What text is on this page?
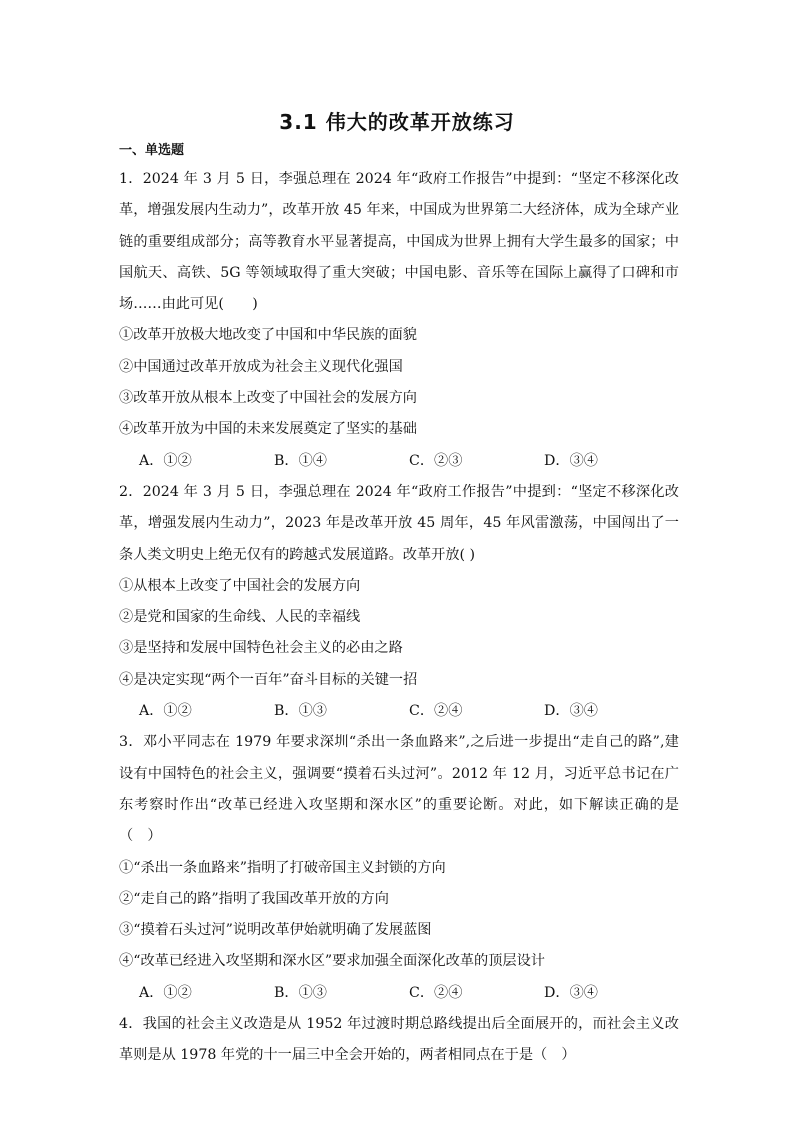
3.1 伟大的改革开放练习
一、单选题
1．2024 年 3 月 5 日，李强总理在 2024 年“政府工作报告”中提到：“坚定不移深化改革，增强发展内生动力”，改革开放 45 年来，中国成为世界第二大经济体，成为全球产业链的重要组成部分；高等教育水平显著提高，中国成为世界上拥有大学生最多的国家；中国航天、高铁、5G 等领域取得了重大突破；中国电影、音乐等在国际上赢得了口碑和市场……由此可见(　　)
①改革开放极大地改变了中国和中华民族的面貌
②中国通过改革开放成为社会主义现代化强国
③改革开放从根本上改变了中国社会的发展方向
④改革开放为中国的未来发展奠定了坚实的基础
A．①②	B．①④	C．②③	D．③④
2．2024 年 3 月 5 日，李强总理在 2024 年“政府工作报告”中提到：“坚定不移深化改革，增强发展内生动力”，2023 年是改革开放 45 周年，45 年风雷激荡，中国闯出了一条人类文明史上绝无仅有的跨越式发展道路。改革开放( )
①从根本上改变了中国社会的发展方向
②是党和国家的生命线、人民的幸福线
③是坚持和发展中国特色社会主义的必由之路
④是决定实现“两个一百年”奋斗目标的关键一招
A．①②	B．①③	C．②④	D．③④
3．邓小平同志在 1979 年要求深圳“杀出一条血路来”,之后进一步提出“走自己的路”,建设有中国特色的社会主义，强调要“摸着石头过河”。2012 年 12 月，习近平总书记在广东考察时作出“改革已经进入攻坚期和深水区”的重要论断。对此，如下解读正确的是（　）
①“杀出一条血路来”指明了打破帝国主义封锁的方向
②“走自己的路”指明了我国改革开放的方向
③“摸着石头过河”说明改革伊始就明确了发展蓝图
④“改革已经进入攻坚期和深水区”要求加强全面深化改革的顶层设计
A．①②	B．①③	C．②④	D．③④
4．我国的社会主义改造是从 1952 年过渡时期总路线提出后全面展开的，而社会主义改革则是从 1978 年党的十一届三中全会开始的，两者相同点在于是（　）
